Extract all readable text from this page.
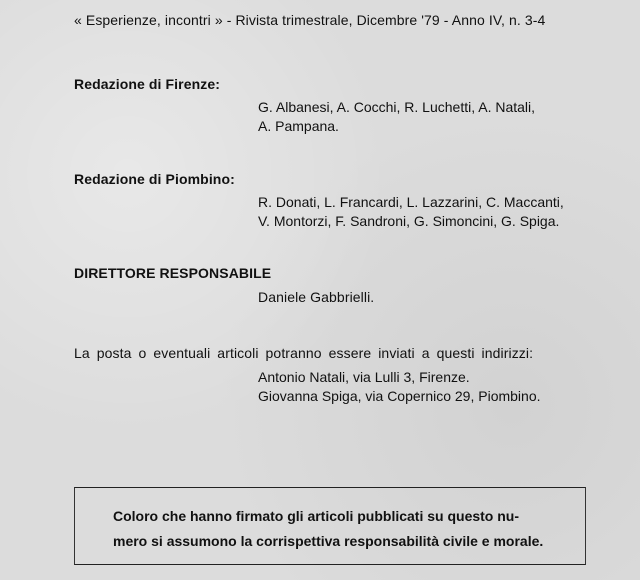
« Esperienze, incontri » - Rivista trimestrale, Dicembre '79 - Anno IV, n. 3-4
Redazione di Firenze:
G. Albanesi, A. Cocchi, R. Luchetti, A. Natali,
A. Pampana.
Redazione di Piombino:
R. Donati, L. Francardi, L. Lazzarini, C. Maccanti,
V. Montorzi, F. Sandroni, G. Simoncini, G. Spiga.
DIRETTORE RESPONSABILE
Daniele Gabbrielli.
La posta o eventuali articoli potranno essere inviati a questi indirizzi:
Antonio Natali, via Lulli 3, Firenze.
Giovanna Spiga, via Copernico 29, Piombino.
Coloro che hanno firmato gli articoli pubblicati su questo nu-
mero si assumono la corrispettiva responsabilità civile e morale.
